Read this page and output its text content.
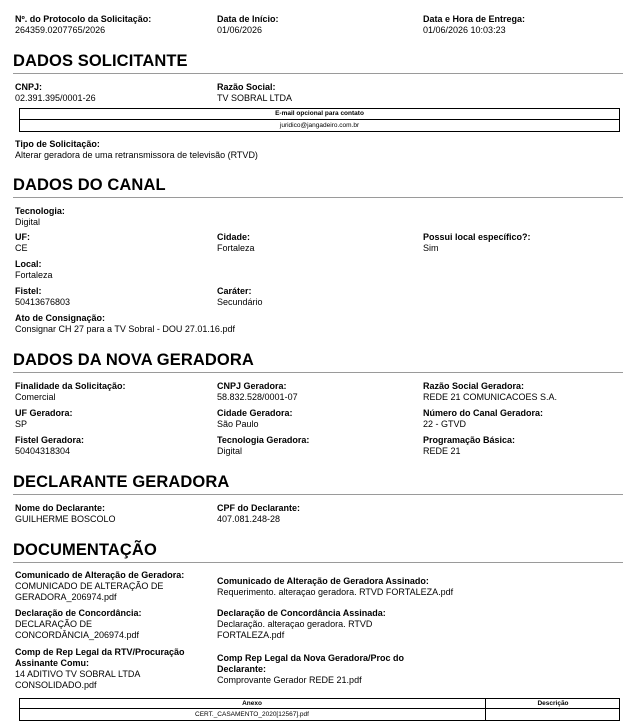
Nº. do Protocolo da Solicitação:
264359.0207765/2026
Data de Início:
01/06/2026
Data e Hora de Entrega:
01/06/2026 10:03:23
DADOS SOLICITANTE
CNPJ:
02.391.395/0001-26
Razão Social:
TV SOBRAL LTDA
E-mail opcional para contato
juridico@jangadeiro.com.br
Tipo de Solicitação:
Alterar geradora de uma retransmissora de televisão (RTVD)
DADOS DO CANAL
Tecnologia:
Digital
UF:
CE
Cidade:
Fortaleza
Possui local específico?:
Sim
Local:
Fortaleza
Fistel:
50413676803
Caráter:
Secundário
Ato de Consignação:
Consignar CH 27 para a TV Sobral - DOU 27.01.16.pdf
DADOS DA NOVA GERADORA
Finalidade da Solicitação:
Comercial
CNPJ Geradora:
58.832.528/0001-07
Razão Social Geradora:
REDE 21 COMUNICACOES S.A.
UF Geradora:
SP
Cidade Geradora:
São Paulo
Número do Canal Geradora:
22 - GTVD
Fistel Geradora:
50404318304
Tecnologia Geradora:
Digital
Programação Básica:
REDE 21
DECLARANTE GERADORA
Nome do Declarante:
GUILHERME BOSCOLO
CPF do Declarante:
407.081.248-28
DOCUMENTAÇÃO
Comunicado de Alteração de Geradora:
COMUNICADO DE ALTERAÇÃO DE GERADORA_206974.pdf
Comunicado de Alteração de Geradora Assinado:
Requerimento. alteraçao geradora. RTVD FORTALEZA.pdf
Declaração de Concordância:
DECLARAÇÃO DE CONCORDÂNCIA_206974.pdf
Declaração de Concordância Assinada:
Declaração. alteraçao geradora. RTVD FORTALEZA.pdf
Comp de Rep Legal da RTV/Procuração Assinante Comu:
14 ADITIVO TV SOBRAL LTDA CONSOLIDADO.pdf
Comp Rep Legal da Nova Geradora/Proc do Declarante:
Comprovante Gerador REDE 21.pdf
Anexo	Descrição
CERT._CASAMENTO_2020[12567].pdf
